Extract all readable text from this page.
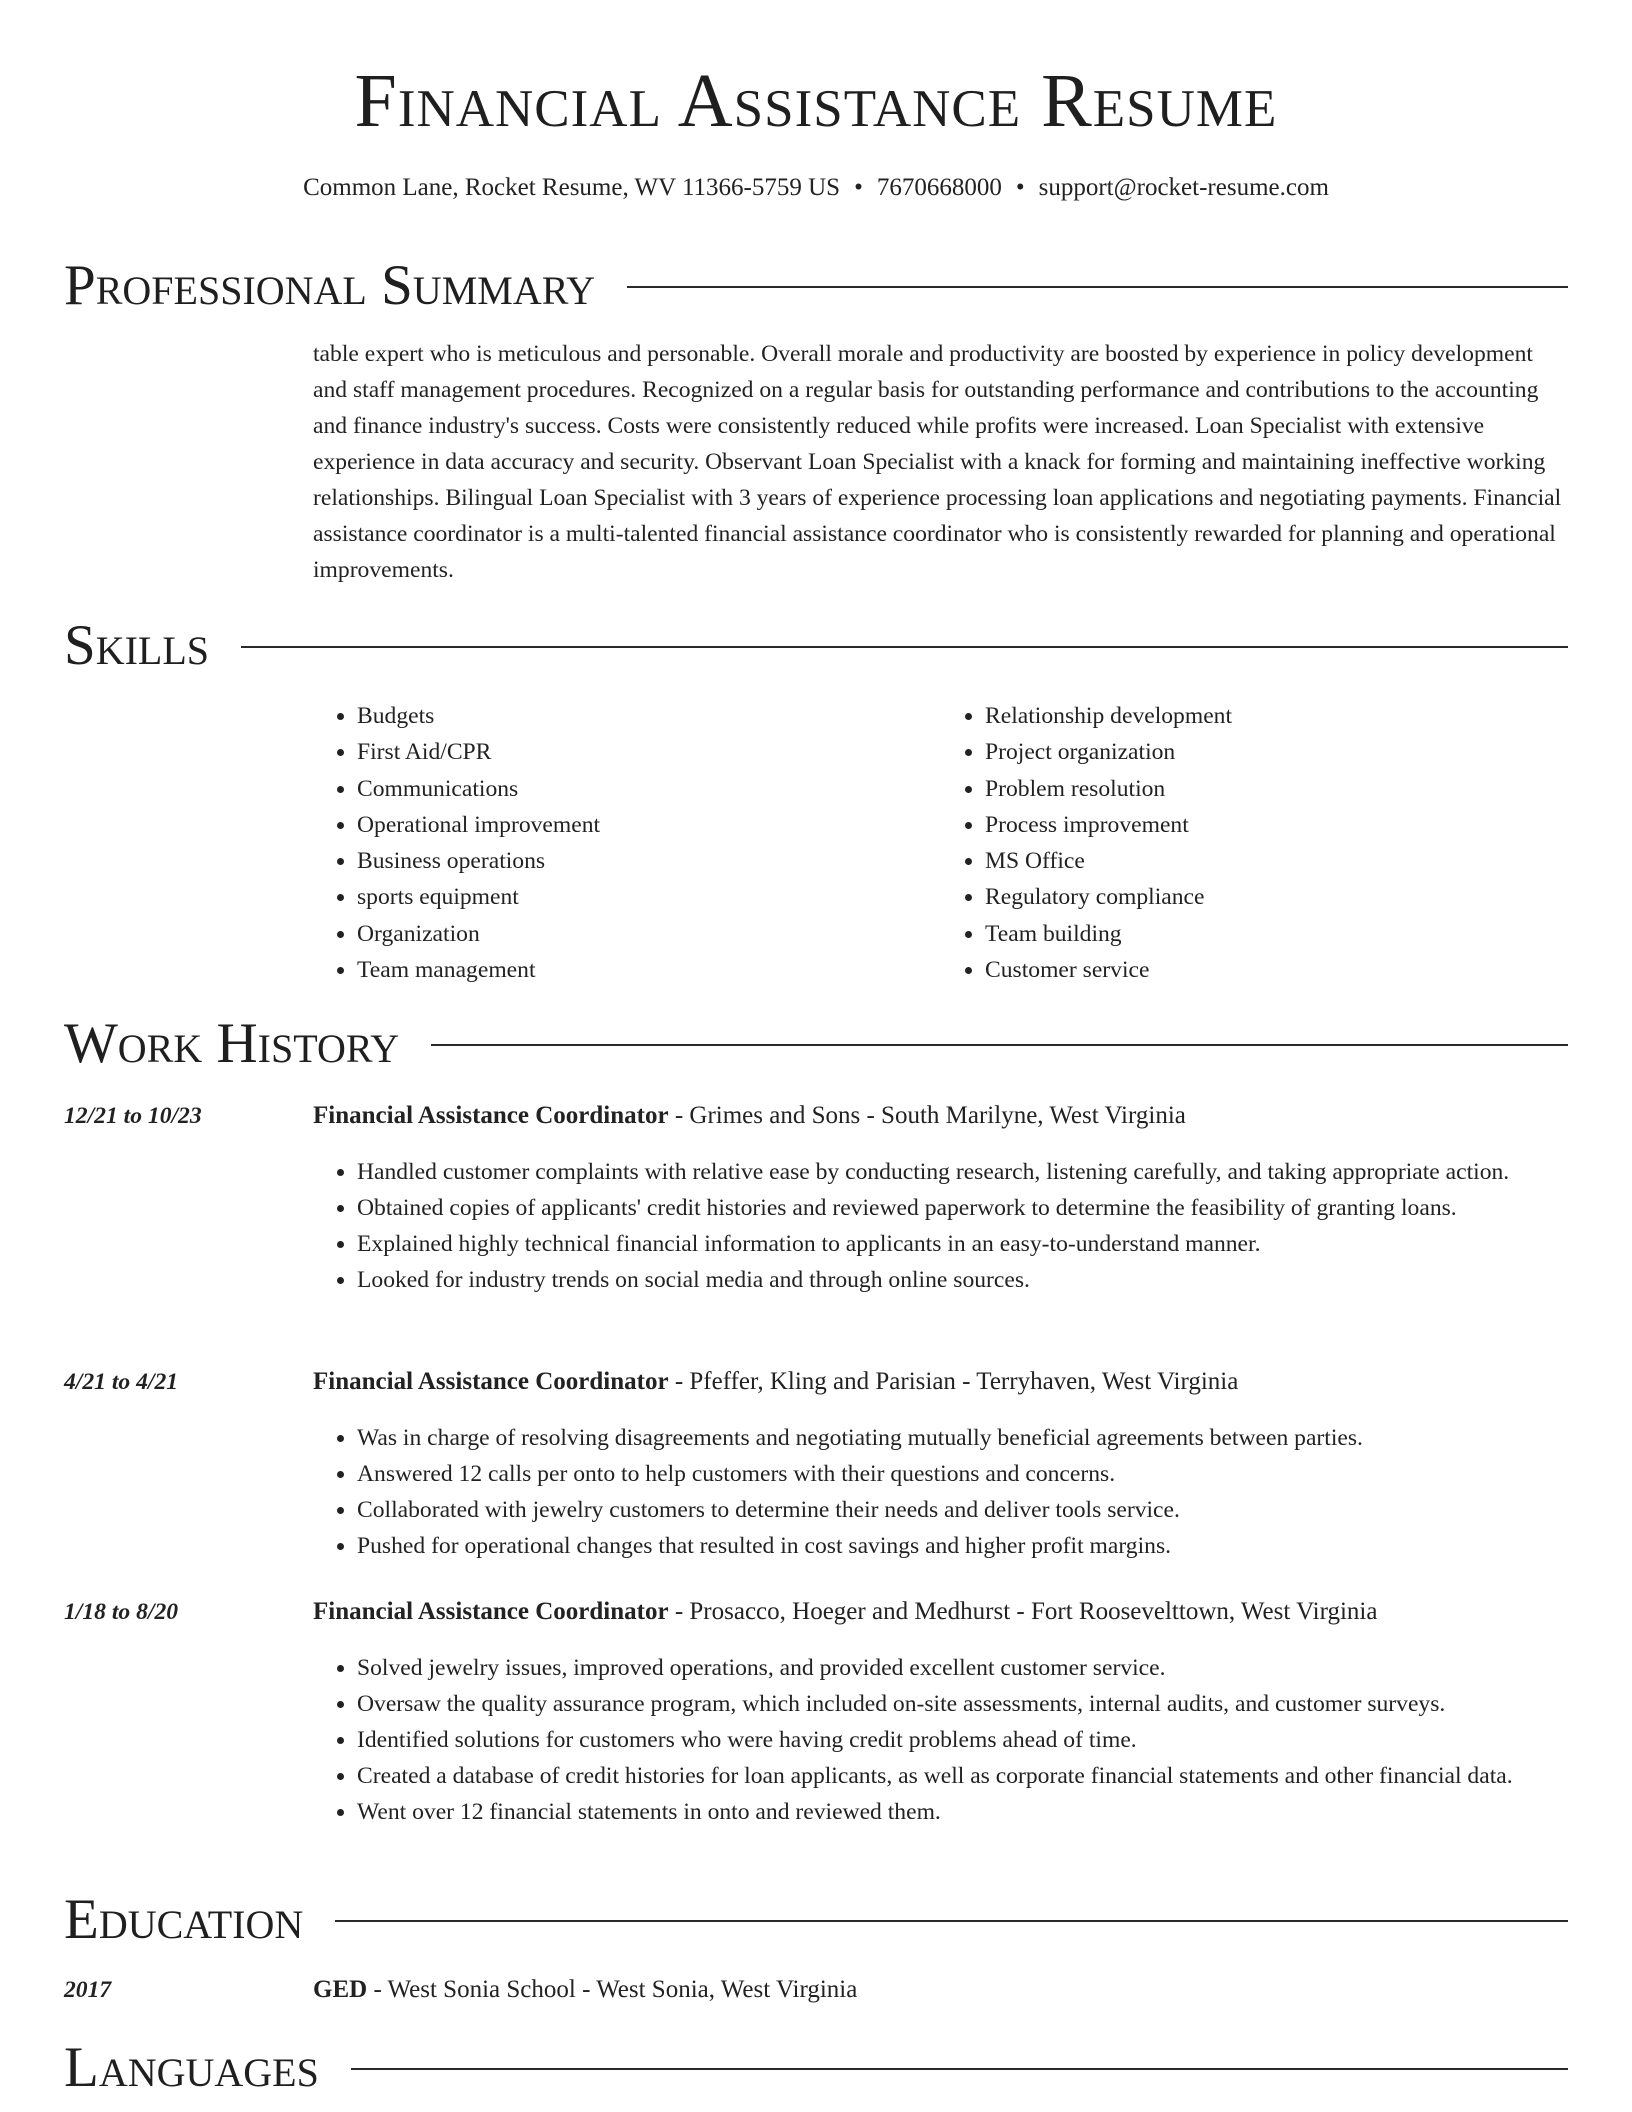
Financial Assistance Resume
Common Lane, Rocket Resume, WV 11366-5759 US • 7670668000 • support@rocket-resume.com
Professional Summary

table expert who is meticulous and personable. Overall morale and productivity are boosted by experience in policy development and staff management procedures. Recognized on a regular basis for outstanding performance and contributions to the accounting and finance industry's success. Costs were consistently reduced while profits were increased. Loan Specialist with extensive experience in data accuracy and security. Observant Loan Specialist with a knack for forming and maintaining ineffective working relationships. Bilingual Loan Specialist with 3 years of experience processing loan applications and negotiating payments. Financial assistance coordinator is a multi-talented financial assistance coordinator who is consistently rewarded for planning and operational improvements.

Skills
• Budgets
• First Aid/CPR
• Communications
• Operational improvement
• Business operations
• sports equipment
• Organization
• Team management
• Relationship development
• Project organization
• Problem resolution
• Process improvement
• MS Office
• Regulatory compliance
• Team building
• Customer service
Work History
12/21 to 10/23	Financial Assistance Coordinator - Grimes and Sons - South Marilyne, West Virginia
• Handled customer complaints with relative ease by conducting research, listening carefully, and taking appropriate action.
• Obtained copies of applicants' credit histories and reviewed paperwork to determine the feasibility of granting loans.
• Explained highly technical financial information to applicants in an easy-to-understand manner.
• Looked for industry trends on social media and through online sources.
4/21 to 4/21	Financial Assistance Coordinator - Pfeffer, Kling and Parisian - Terryhaven, West Virginia
• Was in charge of resolving disagreements and negotiating mutually beneficial agreements between parties.
• Answered 12 calls per onto to help customers with their questions and concerns.
• Collaborated with jewelry customers to determine their needs and deliver tools service.
• Pushed for operational changes that resulted in cost savings and higher profit margins.
1/18 to 8/20	Financial Assistance Coordinator - Prosacco, Hoeger and Medhurst - Fort Roosevelttown, West Virginia
• Solved jewelry issues, improved operations, and provided excellent customer service.
• Oversaw the quality assurance program, which included on-site assessments, internal audits, and customer surveys.
• Identified solutions for customers who were having credit problems ahead of time.
• Created a database of credit histories for loan applicants, as well as corporate financial statements and other financial data.
• Went over 12 financial statements in onto and reviewed them.
Education
2017	GED - West Sonia School - West Sonia, West Virginia
Languages
